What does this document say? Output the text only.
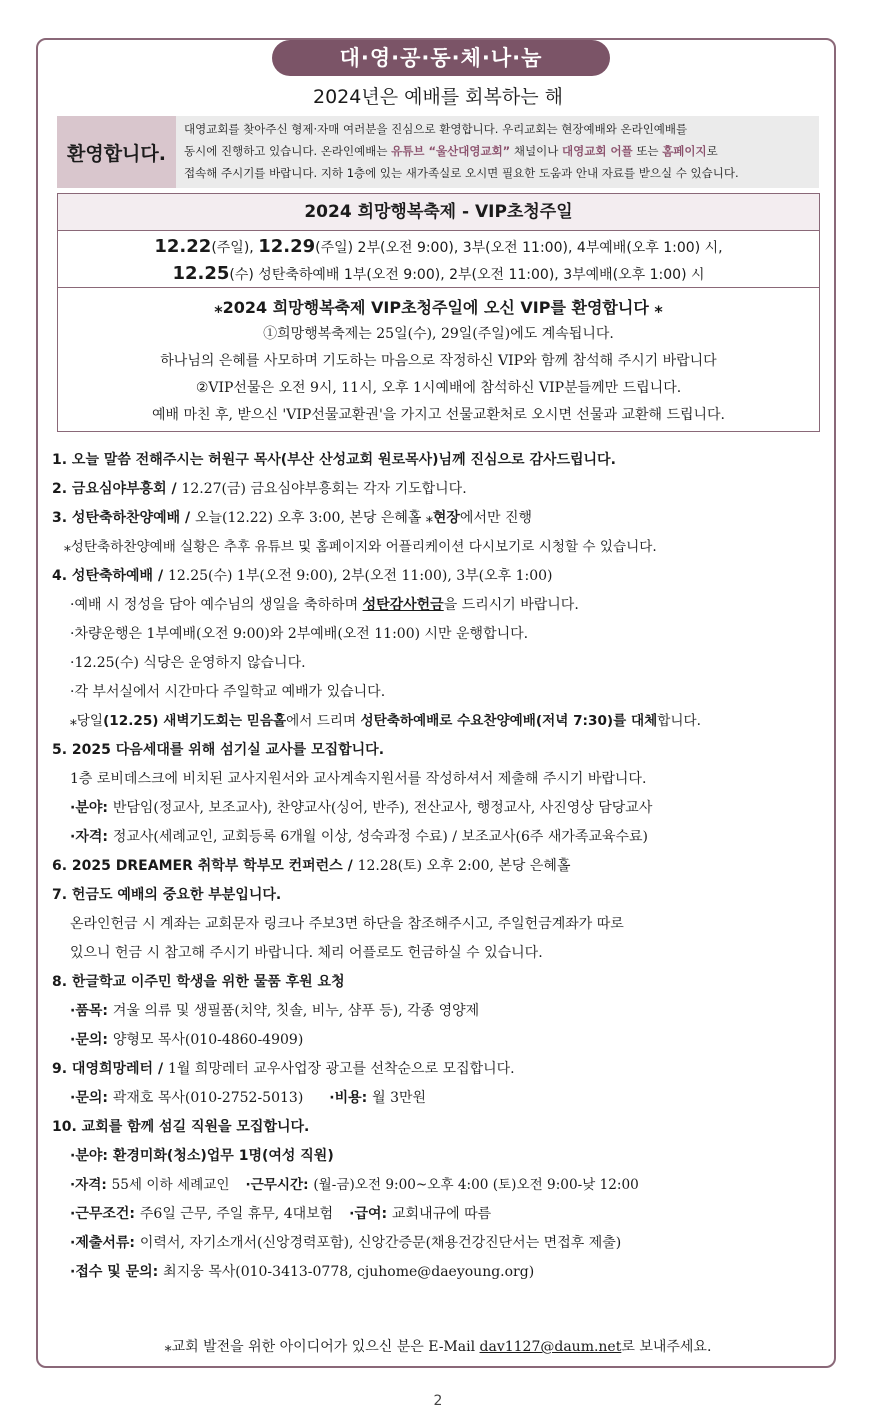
대·영·공·동·체·나·눔
2024년은 예배를 회복하는 해
환영합니다.
대영교회를 찾아주신 형제·자매 여러분을 진심으로 환영합니다. 우리교회는 현장예배와 온라인예배를
동시에 진행하고 있습니다. 온라인예배는 유튜브 “울산대영교회” 채널이나 대영교회 어플 또는 홈페이지로
접속해 주시기를 바랍니다. 지하 1층에 있는 새가족실로 오시면 필요한 도움과 안내 자료를 받으실 수 있습니다.
2024 희망행복축제 - VIP초청주일
12.22(주일), 12.29(주일) 2부(오전 9:00), 3부(오전 11:00), 4부예배(오후 1:00) 시,
12.25(수) 성탄축하예배 1부(오전 9:00), 2부(오전 11:00), 3부예배(오후 1:00) 시
⁎2024 희망행복축제 VIP초청주일에 오신 VIP를 환영합니다 ⁎
①희망행복축제는 25일(수), 29일(주일)에도 계속됩니다.
하나님의 은혜를 사모하며 기도하는 마음으로 작정하신 VIP와 함께 참석해 주시기 바랍니다
②VIP선물은 오전 9시, 11시, 오후 1시예배에 참석하신 VIP분들께만 드립니다.
예배 마친 후, 받으신 'VIP선물교환권'을 가지고 선물교환처로 오시면 선물과 교환해 드립니다.
1. 오늘 말씀 전해주시는 허원구 목사(부산 산성교회 원로목사)님께 진심으로 감사드립니다.
2. 금요심야부흥회 / 12.27(금) 금요심야부흥회는 각자 기도합니다.
3. 성탄축하찬양예배 / 오늘(12.22) 오후 3:00, 본당 은혜홀 ⁎현장에서만 진행
⁎성탄축하찬양예배 실황은 추후 유튜브 및 홈페이지와 어플리케이션 다시보기로 시청할 수 있습니다.
4. 성탄축하예배 / 12.25(수) 1부(오전 9:00), 2부(오전 11:00), 3부(오후 1:00)
·예배 시 정성을 담아 예수님의 생일을 축하하며 성탄감사헌금을 드리시기 바랍니다.
·차량운행은 1부예배(오전 9:00)와 2부예배(오전 11:00) 시만 운행합니다.
·12.25(수) 식당은 운영하지 않습니다.
·각 부서실에서 시간마다 주일학교 예배가 있습니다.
⁎당일(12.25) 새벽기도회는 믿음홀에서 드리며 성탄축하예배로 수요찬양예배(저녁 7:30)를 대체합니다.
5. 2025 다음세대를 위해 섬기실 교사를 모집합니다.
1층 로비데스크에 비치된 교사지원서와 교사계속지원서를 작성하셔서 제출해 주시기 바랍니다.
·분야: 반담임(정교사, 보조교사), 찬양교사(싱어, 반주), 전산교사, 행정교사, 사진영상 담당교사
·자격: 정교사(세례교인, 교회등록 6개월 이상, 성숙과정 수료) / 보조교사(6주 새가족교육수료)
6. 2025 DREAMER 취학부 학부모 컨퍼런스 / 12.28(토) 오후 2:00, 본당 은혜홀
7. 헌금도 예배의 중요한 부분입니다.
온라인헌금 시 계좌는 교회문자 링크나 주보3면 하단을 참조해주시고, 주일헌금계좌가 따로
있으니 헌금 시 참고해 주시기 바랍니다. 체리 어플로도 헌금하실 수 있습니다.
8. 한글학교 이주민 학생을 위한 물품 후원 요청
·품목: 겨울 의류 및 생필품(치약, 칫솔, 비누, 샴푸 등), 각종 영양제
·문의: 양형모 목사(010-4860-4909)
9. 대영희망레터 / 1월 희망레터 교우사업장 광고를 선착순으로 모집합니다.
·문의: 곽재호 목사(010-2752-5013) ·비용: 월 3만원
10. 교회를 함께 섬길 직원을 모집합니다.
·분야: 환경미화(청소)업무 1명(여성 직원)
·자격: 55세 이하 세례교인 ·근무시간: (월-금)오전 9:00~오후 4:00 (토)오전 9:00-낮 12:00
·근무조건: 주6일 근무, 주일 휴무, 4대보험 ·급여: 교회내규에 따름
·제출서류: 이력서, 자기소개서(신앙경력포함), 신앙간증문(채용건강진단서는 면접후 제출)
·접수 및 문의: 최지웅 목사(010-3413-0778, cjuhome@daeyoung.org)
⁎교회 발전을 위한 아이디어가 있으신 분은 E-Mail dav1127@daum.net로 보내주세요.
2
